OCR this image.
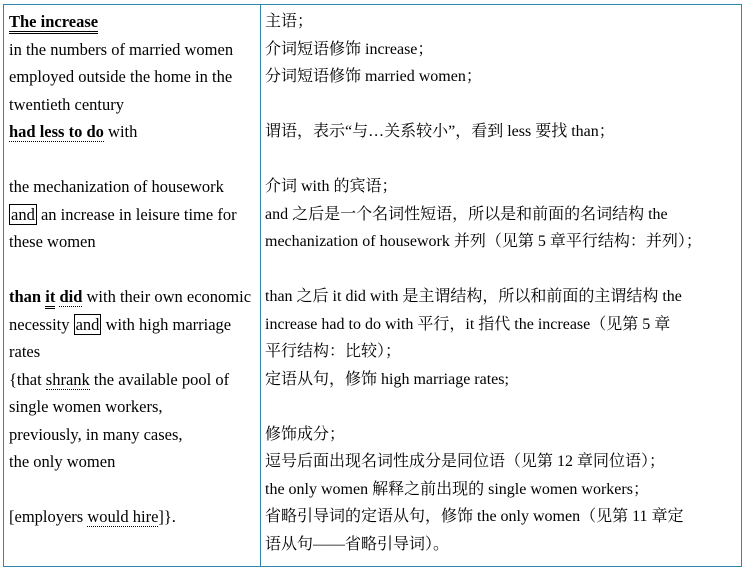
The increase
in the numbers of married women
employed outside the home in the
twentieth century
had less to do with
the mechanization of housework
and an increase in leisure time for
these women
than it did with their own economic
necessity and with high marriage
rates
{that shrank the available pool of
single women workers,
previously, in many cases,
the only women
[employers would hire]}.
主语；
介词短语修饰 increase；
分词短语修饰 married women；
谓语，表示“与…关系较小”，看到 less 要找 than；
介词 with 的宾语；
and 之后是一个名词性短语，所以是和前面的名词结构 the
mechanization of housework 并列（见第 5 章平行结构：并列）；
than 之后 it did with 是主谓结构，所以和前面的主谓结构 the
increase had to do with 平行，it 指代 the increase（见第 5 章
平行结构：比较）；
定语从句，修饰 high marriage rates;
修饰成分；
逗号后面出现名词性成分是同位语（见第 12 章同位语）；
the only women 解释之前出现的 single women workers；
省略引导词的定语从句，修饰 the only women（见第 11 章定
语从句——省略引导词）。
